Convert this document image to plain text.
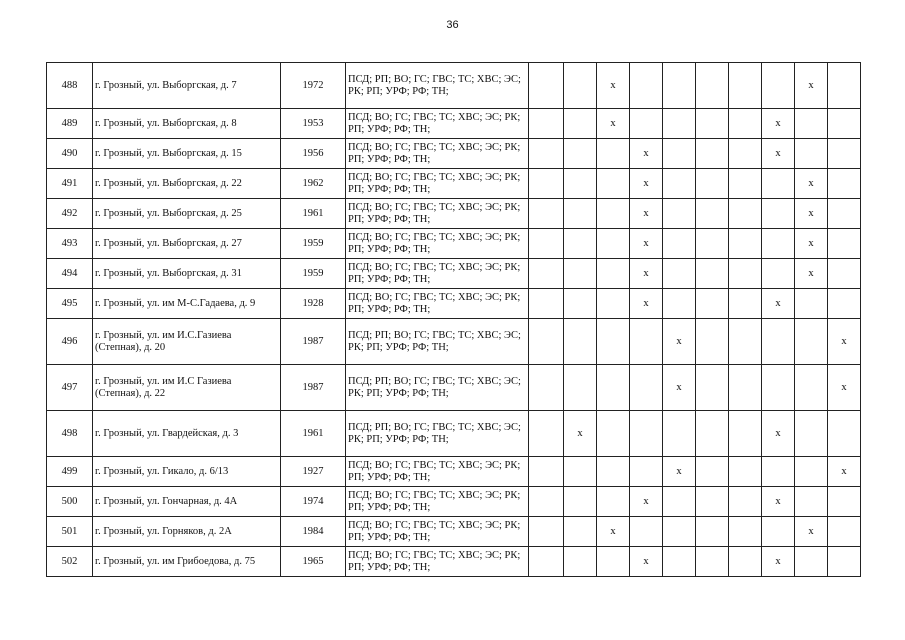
36
488	г. Грозный, ул. Выборгская, д. 7	1972	ПСД; РП; ВО; ГС; ГВС; ТС; ХВС; ЭС; РК; РП; УРФ; РФ; ТН;			x						x	
489	г. Грозный, ул. Выборгская, д. 8	1953	ПСД; ВО; ГС; ГВС; ТС; ХВС; ЭС; РК; РП; УРФ; РФ; ТН;			x					x		
490	г. Грозный, ул. Выборгская, д. 15	1956	ПСД; ВО; ГС; ГВС; ТС; ХВС; ЭС; РК; РП; УРФ; РФ; ТН;				x				x		
491	г. Грозный, ул. Выборгская, д. 22	1962	ПСД; ВО; ГС; ГВС; ТС; ХВС; ЭС; РК; РП; УРФ; РФ; ТН;				x					x	
492	г. Грозный, ул. Выборгская, д. 25	1961	ПСД; ВО; ГС; ГВС; ТС; ХВС; ЭС; РК; РП; УРФ; РФ; ТН;				x					x	
493	г. Грозный, ул. Выборгская, д. 27	1959	ПСД; ВО; ГС; ГВС; ТС; ХВС; ЭС; РК; РП; УРФ; РФ; ТН;				x					x	
494	г. Грозный, ул. Выборгская, д. 31	1959	ПСД; ВО; ГС; ГВС; ТС; ХВС; ЭС; РК; РП; УРФ; РФ; ТН;				x					x	
495	г. Грозный, ул. им М-С.Гадаева, д. 9	1928	ПСД; ВО; ГС; ГВС; ТС; ХВС; ЭС; РК; РП; УРФ; РФ; ТН;				x				x		
496	г. Грозный, ул. им И.С.Газиева (Степная), д. 20	1987	ПСД; РП; ВО; ГС; ГВС; ТС; ХВС; ЭС; РК; РП; УРФ; РФ; ТН;					x					x
497	г. Грозный, ул. им И.С Газиева (Степная), д. 22	1987	ПСД; РП; ВО; ГС; ГВС; ТС; ХВС; ЭС; РК; РП; УРФ; РФ; ТН;					x					x
498	г. Грозный, ул. Гвардейская, д. 3	1961	ПСД; РП; ВО; ГС; ГВС; ТС; ХВС; ЭС; РК; РП; УРФ; РФ; ТН;		x						x		
499	г. Грозный, ул. Гикало, д. 6/13	1927	ПСД; ВО; ГС; ГВС; ТС; ХВС; ЭС; РК; РП; УРФ; РФ; ТН;					x					x
500	г. Грозный, ул. Гончарная, д. 4А	1974	ПСД; ВО; ГС; ГВС; ТС; ХВС; ЭС; РК; РП; УРФ; РФ; ТН;				x				x		
501	г. Грозный, ул. Горняков, д. 2А	1984	ПСД; ВО; ГС; ГВС; ТС; ХВС; ЭС; РК; РП; УРФ; РФ; ТН;			x						x	
502	г. Грозный, ул. им Грибоедова, д. 75	1965	ПСД; ВО; ГС; ГВС; ТС; ХВС; ЭС; РК; РП; УРФ; РФ; ТН;				x				x		
